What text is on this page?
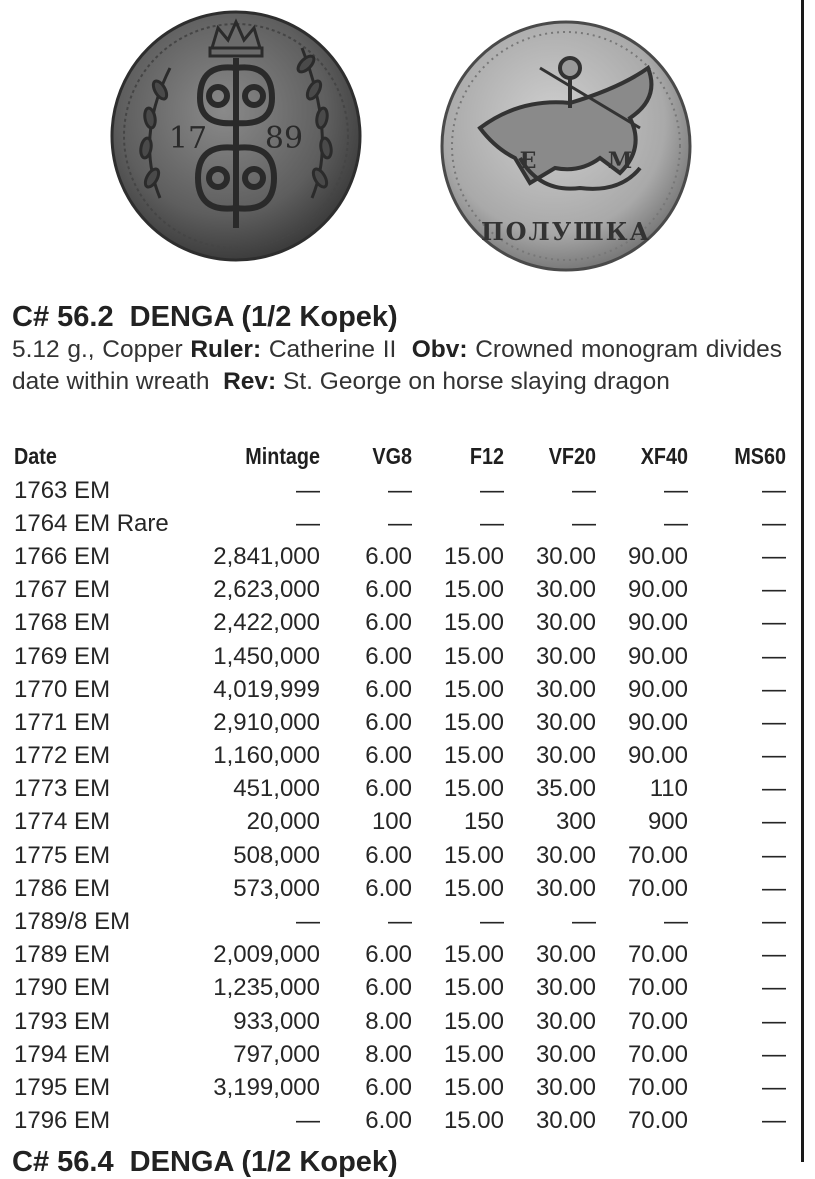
17 89
E	M
ПОЛУШКА
C# 56.2  DENGA (1/2 Kopek)
5.12 g., Copper Ruler: Catherine II Obv: Crowned monogram divides date within wreath Rev: St. George on horse slaying dragon
Date	Mintage	VG8	F12	VF20	XF40	MS60
1763 EM	—	—	—	—	—	—
1764 EM Rare	—	—	—	—	—	—
1766 EM	2,841,000	6.00	15.00	30.00	90.00	—
1767 EM	2,623,000	6.00	15.00	30.00	90.00	—
1768 EM	2,422,000	6.00	15.00	30.00	90.00	—
1769 EM	1,450,000	6.00	15.00	30.00	90.00	—
1770 EM	4,019,999	6.00	15.00	30.00	90.00	—
1771 EM	2,910,000	6.00	15.00	30.00	90.00	—
1772 EM	1,160,000	6.00	15.00	30.00	90.00	—
1773 EM	451,000	6.00	15.00	35.00	110	—
1774 EM	20,000	100	150	300	900	—
1775 EM	508,000	6.00	15.00	30.00	70.00	—
1786 EM	573,000	6.00	15.00	30.00	70.00	—
1789/8 EM	—	—	—	—	—	—
1789 EM	2,009,000	6.00	15.00	30.00	70.00	—
1790 EM	1,235,000	6.00	15.00	30.00	70.00	—
1793 EM	933,000	8.00	15.00	30.00	70.00	—
1794 EM	797,000	8.00	15.00	30.00	70.00	—
1795 EM	3,199,000	6.00	15.00	30.00	70.00	—
1796 EM	—	6.00	15.00	30.00	70.00	—
C# 56.4  DENGA (1/2 Kopek)
